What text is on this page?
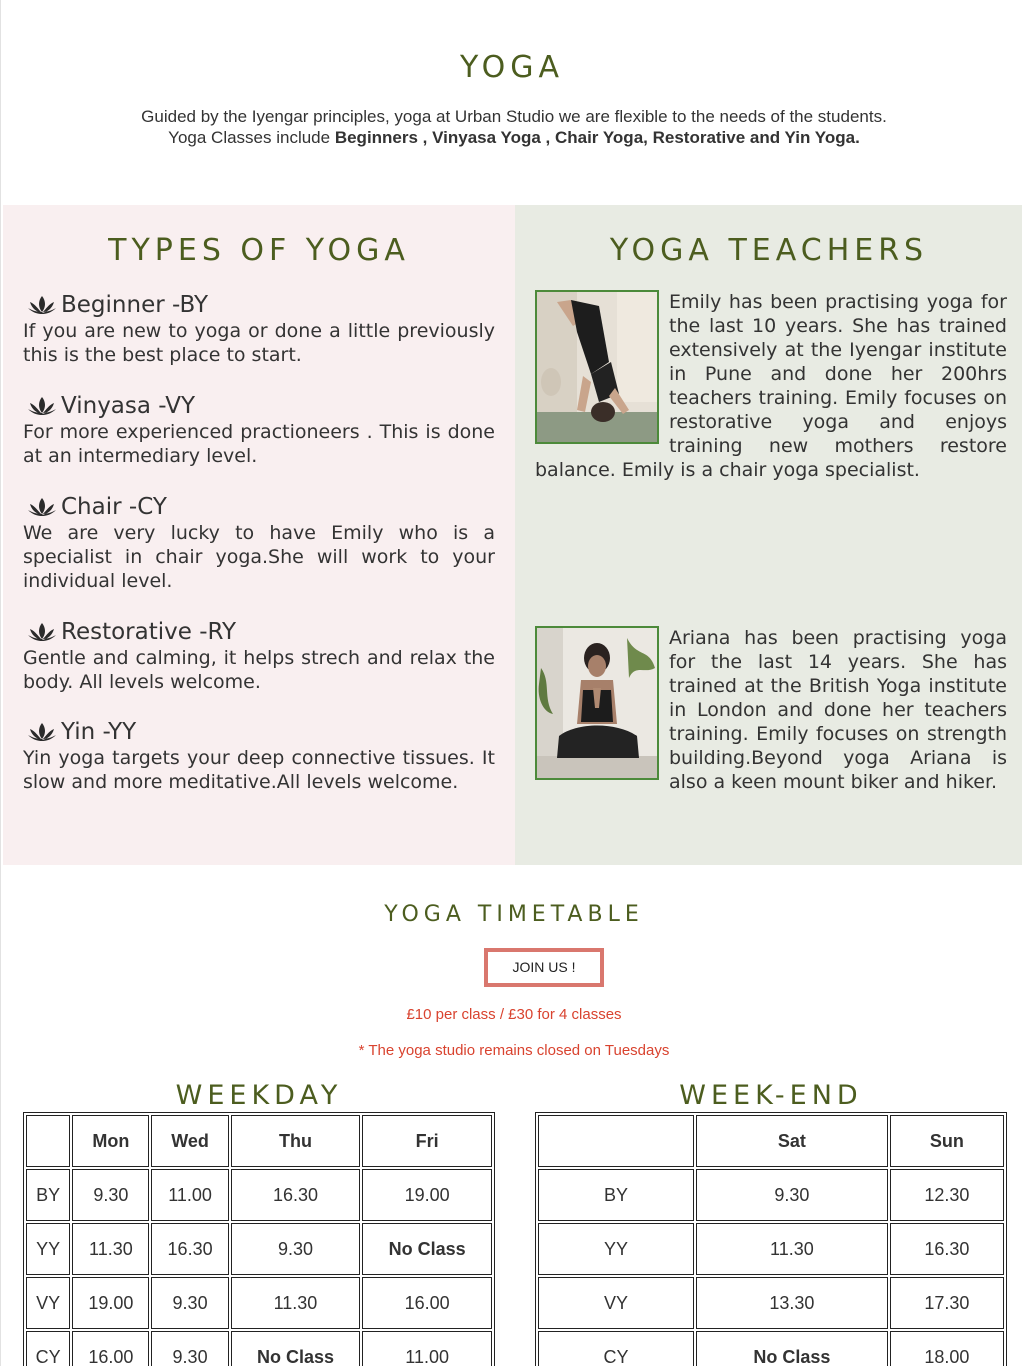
YOGA
Guided by the Iyengar principles, yoga at Urban Studio we are flexible to the needs of the students.
Yoga Classes include Beginners , Vinyasa Yoga , Chair Yoga, Restorative and Yin Yoga.
TYPES OF YOGA
Beginner -BY
If you are new to yoga or done a little previously this is the best place to start.
Vinyasa -VY
For more experienced practioneers . This is done at an intermediary level.
Chair -CY
We are very lucky to have Emily who is a specialist in chair yoga.She will work to your individual level.
Restorative -RY
Gentle and calming, it helps strech and relax the body. All levels welcome.
Yin -YY
Yin yoga targets your deep connective tissues. It slow and more meditative.All levels welcome.
YOGA TEACHERS
Emily has been practising yoga for the last 10 years. She has trained extensively at the Iyengar institute in Pune and done her 200hrs teachers training. Emily focuses on restorative yoga and enjoys training new mothers restore balance. Emily is a chair yoga specialist.
Ariana has been practising yoga for the last 14 years. She has trained at the British Yoga institute in London and done her teachers training. Emily focuses on strength building.Beyond yoga Ariana is also a keen mount biker and hiker.
YOGA TIMETABLE
JOIN US !
£10 per class / £30 for 4 classes
* The yoga studio remains closed on Tuesdays
WEEKDAY	WEEK-END
	Mon	Wed	Thu	Fri
BY	9.30	11.00	16.30	19.00
YY	11.30	16.30	9.30	No Class
VY	19.00	9.30	11.30	16.00
CY	16.00	9.30	No Class	11.00
	Sat	Sun
BY	9.30	12.30
YY	11.30	16.30
VY	13.30	17.30
CY	No Class	18.00
